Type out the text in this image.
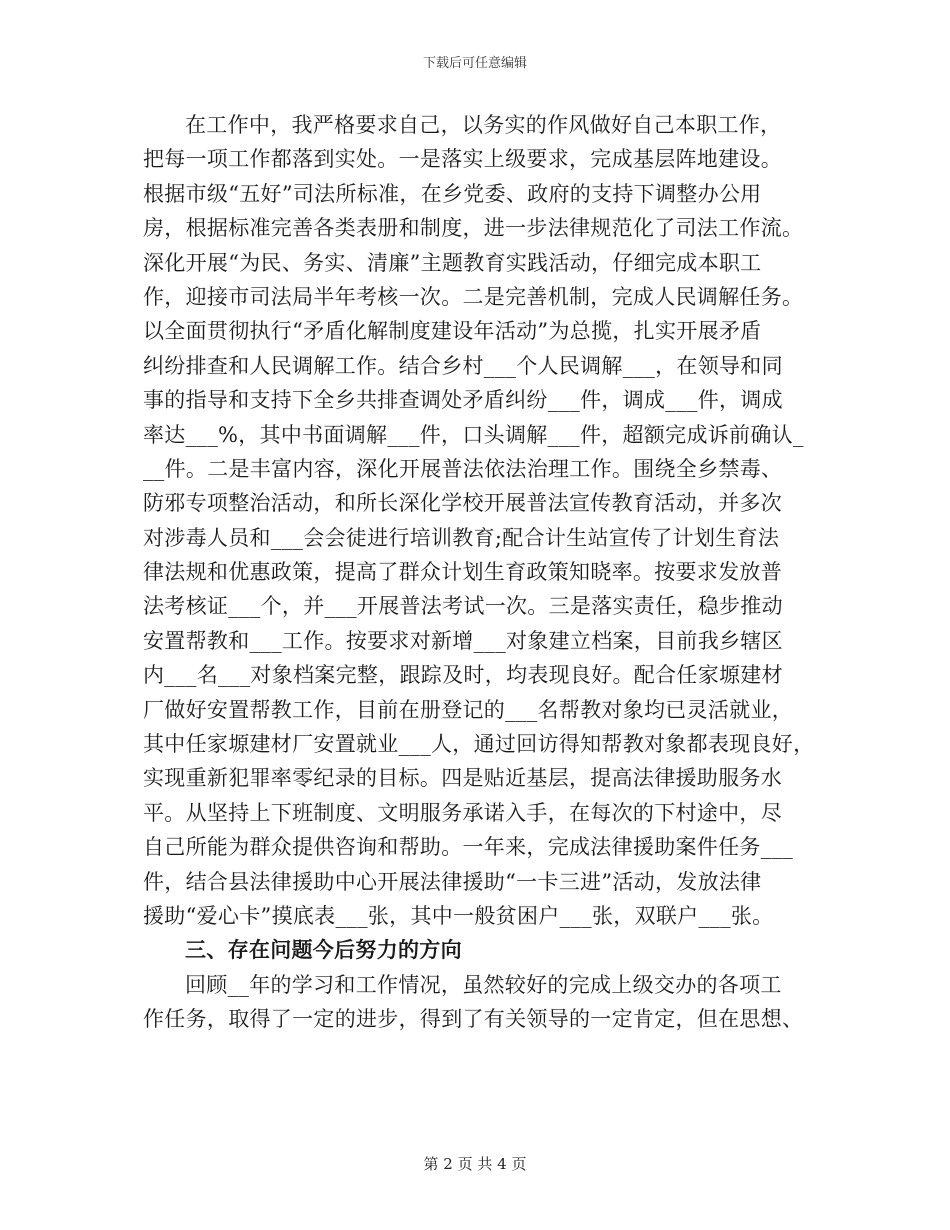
下载后可任意编辑
在工作中，我严格要求自己，以务实的作风做好自己本职工作，
把每一项工作都落到实处。一是落实上级要求，完成基层阵地建设。
根据市级“五好”司法所标准，在乡党委、政府的支持下调整办公用
房，根据标准完善各类表册和制度，进一步法律规范化了司法工作流。
深化开展“为民、务实、清廉”主题教育实践活动，仔细完成本职工
作，迎接市司法局半年考核一次。二是完善机制，完成人民调解任务。
以全面贯彻执行“矛盾化解制度建设年活动”为总揽，扎实开展矛盾
纠纷排查和人民调解工作。结合乡村___个人民调解___，在领导和同
事的指导和支持下全乡共排查调处矛盾纠纷___件，调成___件，调成
率达___%，其中书面调解___件，口头调解___件，超额完成诉前确认_
__件。二是丰富内容，深化开展普法依法治理工作。围绕全乡禁毒、
防邪专项整治活动，和所长深化学校开展普法宣传教育活动，并多次
对涉毒人员和___会会徒进行培训教育;配合计生站宣传了计划生育法
律法规和优惠政策，提高了群众计划生育政策知晓率。按要求发放普
法考核证___个，并___开展普法考试一次。三是落实责任，稳步推动
安置帮教和___工作。按要求对新增___对象建立档案，目前我乡辖区
内___名___对象档案完整，跟踪及时，均表现良好。配合任家塬建材
厂做好安置帮教工作，目前在册登记的___名帮教对象均已灵活就业，
其中任家塬建材厂安置就业___人，通过回访得知帮教对象都表现良好，
实现重新犯罪率零纪录的目标。四是贴近基层，提高法律援助服务水
平。从坚持上下班制度、文明服务承诺入手，在每次的下村途中，尽
自己所能为群众提供咨询和帮助。一年来，完成法律援助案件任务___
件，结合县法律援助中心开展法律援助“一卡三进”活动，发放法律
援助“爱心卡”摸底表___张，其中一般贫困户___张，双联户___张。
三、存在问题今后努力的方向
回顾__年的学习和工作情况，虽然较好的完成上级交办的各项工
作任务，取得了一定的进步，得到了有关领导的一定肯定，但在思想、
第 2 页 共 4 页
